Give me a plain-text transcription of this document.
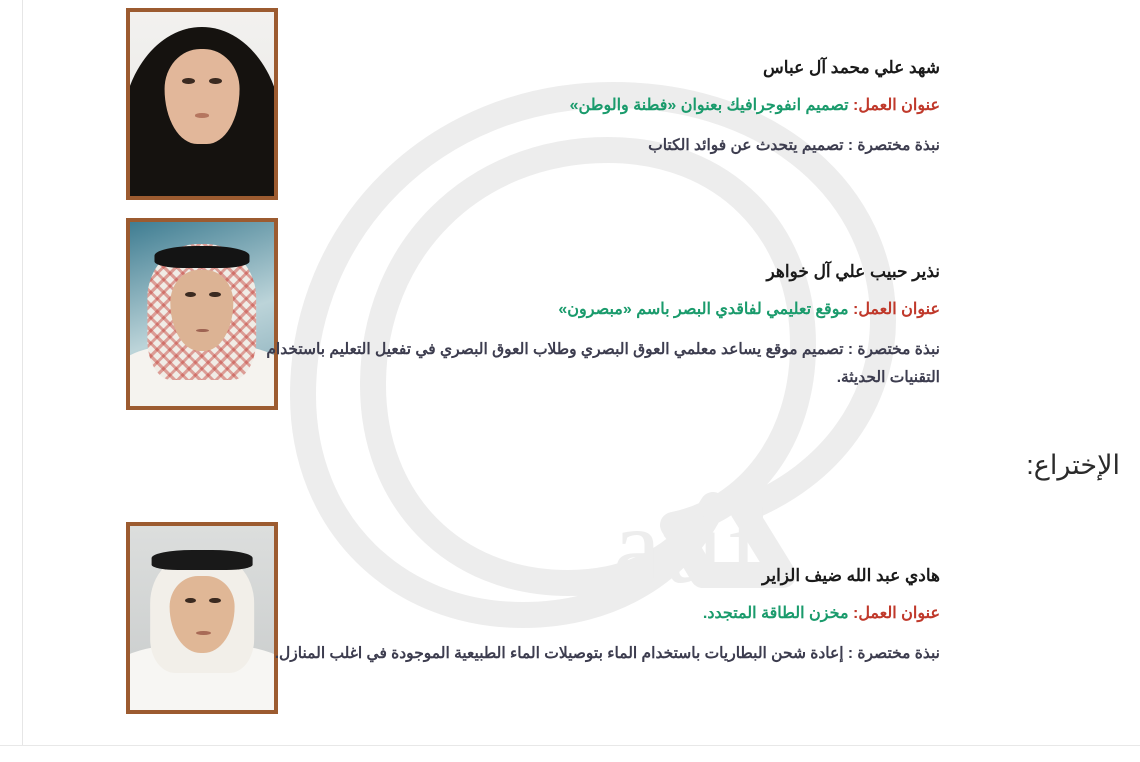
atif

شهد علي محمد آل عباس

عنوان العمل: تصميم انفوجرافيك بعنوان «فطنة والوطن»

نبذة مختصرة : تصميم يتحدث عن فوائد الكتاب

نذير حبيب علي آل خواهر

عنوان العمل: موقع تعليمي لفاقدي البصر باسم «مبصرون»

نبذة مختصرة : تصميم موقع يساعد معلمي العوق البصري وطلاب العوق البصري في تفعيل التعليم باستخدام التقنيات الحديثة.

الإختراع:

هادي عبد الله ضيف الزاير

عنوان العمل: مخزن الطاقة المتجدد.

نبذة مختصرة : إعادة شحن البطاريات باستخدام الماء بتوصيلات الماء الطبيعية الموجودة في اغلب المنازل.
